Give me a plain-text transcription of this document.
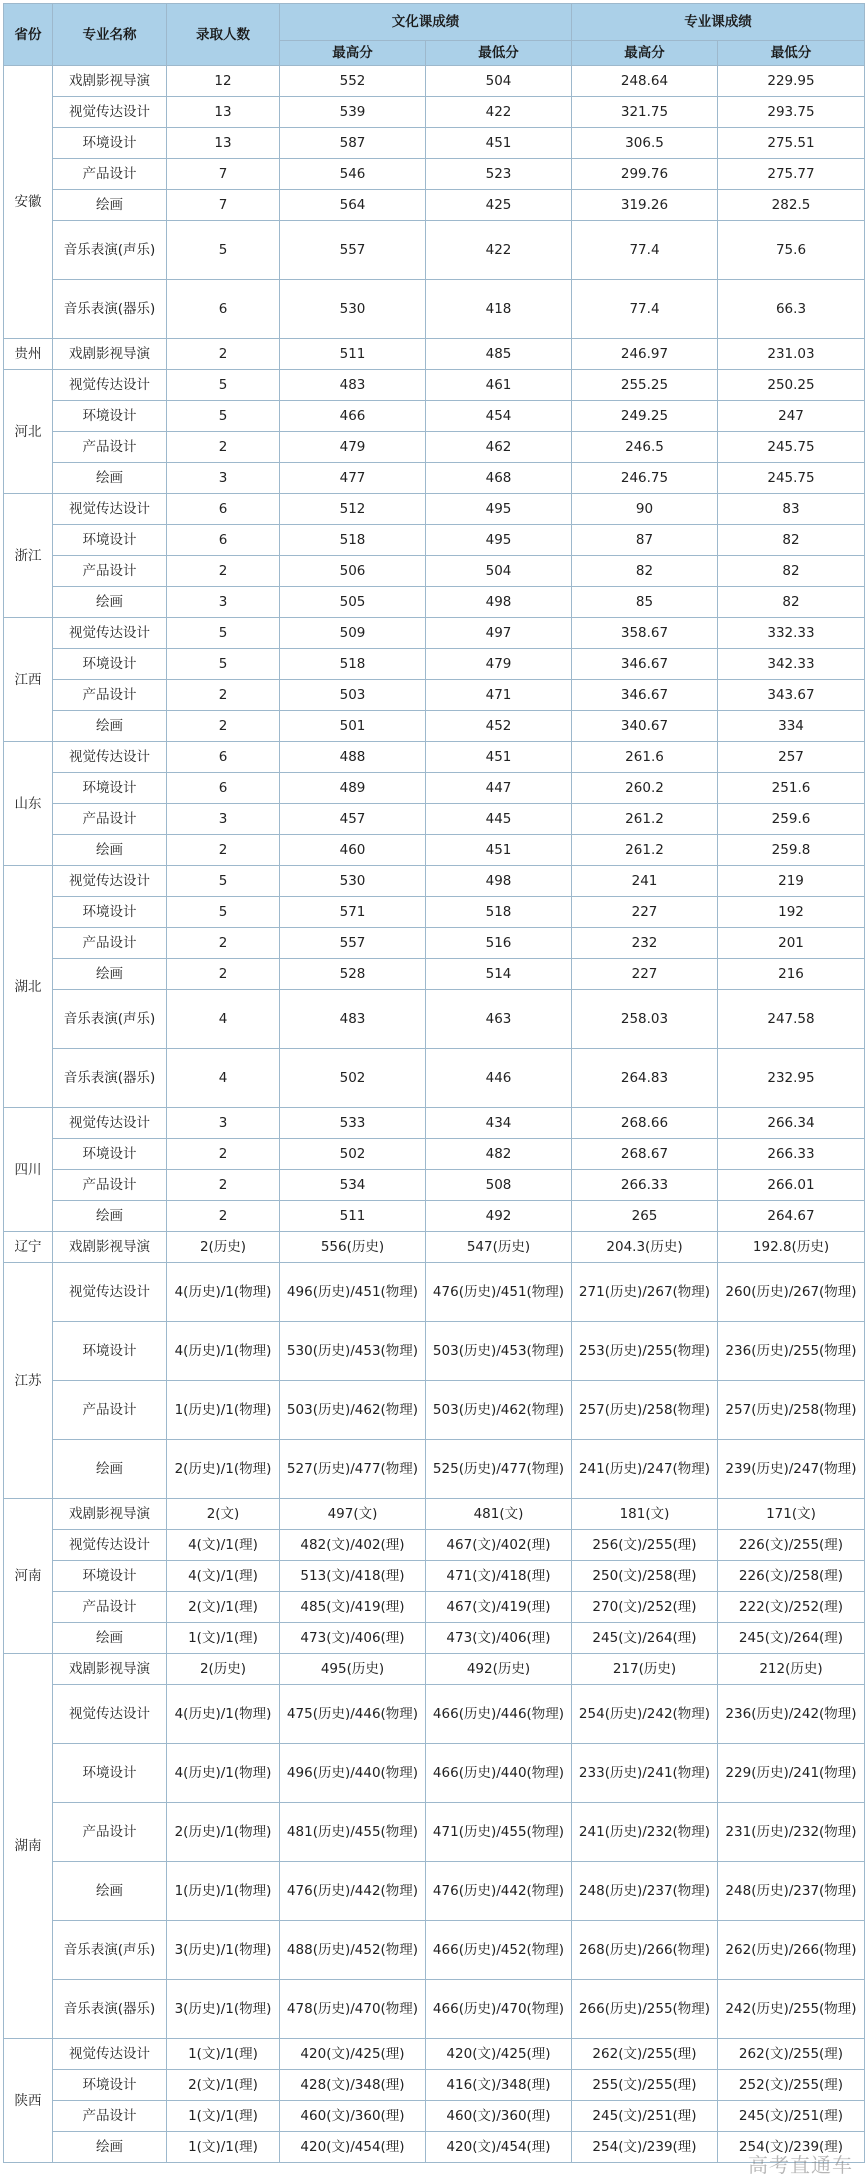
省份	专业名称	录取人数	文化课成绩		专业课成绩	
			最高分	最低分	最高分	最低分
安徽	戏剧影视导演	12	552	504	248.64	229.95
	视觉传达设计	13	539	422	321.75	293.75
	环境设计	13	587	451	306.5	275.51
	产品设计	7	546	523	299.76	275.77
	绘画	7	564	425	319.26	282.5
	音乐表演(声乐)	5	557	422	77.4	75.6
	音乐表演(器乐)	6	530	418	77.4	66.3
贵州	戏剧影视导演	2	511	485	246.97	231.03
河北	视觉传达设计	5	483	461	255.25	250.25
	环境设计	5	466	454	249.25	247
	产品设计	2	479	462	246.5	245.75
	绘画	3	477	468	246.75	245.75
浙江	视觉传达设计	6	512	495	90	83
	环境设计	6	518	495	87	82
	产品设计	2	506	504	82	82
	绘画	3	505	498	85	82
江西	视觉传达设计	5	509	497	358.67	332.33
	环境设计	5	518	479	346.67	342.33
	产品设计	2	503	471	346.67	343.67
	绘画	2	501	452	340.67	334
山东	视觉传达设计	6	488	451	261.6	257
	环境设计	6	489	447	260.2	251.6
	产品设计	3	457	445	261.2	259.6
	绘画	2	460	451	261.2	259.8
湖北	视觉传达设计	5	530	498	241	219
	环境设计	5	571	518	227	192
	产品设计	2	557	516	232	201
	绘画	2	528	514	227	216
	音乐表演(声乐)	4	483	463	258.03	247.58
	音乐表演(器乐)	4	502	446	264.83	232.95
四川	视觉传达设计	3	533	434	268.66	266.34
	环境设计	2	502	482	268.67	266.33
	产品设计	2	534	508	266.33	266.01
	绘画	2	511	492	265	264.67
辽宁	戏剧影视导演	2(历史)	556(历史)	547(历史)	204.3(历史)	192.8(历史)
江苏	视觉传达设计	4(历史)/1(物理)	496(历史)/451(物理)	476(历史)/451(物理)	271(历史)/267(物理)	260(历史)/267(物理)
	环境设计	4(历史)/1(物理)	530(历史)/453(物理)	503(历史)/453(物理)	253(历史)/255(物理)	236(历史)/255(物理)
	产品设计	1(历史)/1(物理)	503(历史)/462(物理)	503(历史)/462(物理)	257(历史)/258(物理)	257(历史)/258(物理)
	绘画	2(历史)/1(物理)	527(历史)/477(物理)	525(历史)/477(物理)	241(历史)/247(物理)	239(历史)/247(物理)
河南	戏剧影视导演	2(文)	497(文)	481(文)	181(文)	171(文)
	视觉传达设计	4(文)/1(理)	482(文)/402(理)	467(文)/402(理)	256(文)/255(理)	226(文)/255(理)
	环境设计	4(文)/1(理)	513(文)/418(理)	471(文)/418(理)	250(文)/258(理)	226(文)/258(理)
	产品设计	2(文)/1(理)	485(文)/419(理)	467(文)/419(理)	270(文)/252(理)	222(文)/252(理)
	绘画	1(文)/1(理)	473(文)/406(理)	473(文)/406(理)	245(文)/264(理)	245(文)/264(理)
湖南	戏剧影视导演	2(历史)	495(历史)	492(历史)	217(历史)	212(历史)
	视觉传达设计	4(历史)/1(物理)	475(历史)/446(物理)	466(历史)/446(物理)	254(历史)/242(物理)	236(历史)/242(物理)
	环境设计	4(历史)/1(物理)	496(历史)/440(物理)	466(历史)/440(物理)	233(历史)/241(物理)	229(历史)/241(物理)
	产品设计	2(历史)/1(物理)	481(历史)/455(物理)	471(历史)/455(物理)	241(历史)/232(物理)	231(历史)/232(物理)
	绘画	1(历史)/1(物理)	476(历史)/442(物理)	476(历史)/442(物理)	248(历史)/237(物理)	248(历史)/237(物理)
	音乐表演(声乐)	3(历史)/1(物理)	488(历史)/452(物理)	466(历史)/452(物理)	268(历史)/266(物理)	262(历史)/266(物理)
	音乐表演(器乐)	3(历史)/1(物理)	478(历史)/470(物理)	466(历史)/470(物理)	266(历史)/255(物理)	242(历史)/255(物理)
陕西	视觉传达设计	1(文)/1(理)	420(文)/425(理)	420(文)/425(理)	262(文)/255(理)	262(文)/255(理)
	环境设计	2(文)/1(理)	428(文)/348(理)	416(文)/348(理)	255(文)/255(理)	252(文)/255(理)
	产品设计	1(文)/1(理)	460(文)/360(理)	460(文)/360(理)	245(文)/251(理)	245(文)/251(理)
	绘画	1(文)/1(理)	420(文)/454(理)	420(文)/454(理)	254(文)/239(理)	254(文)/239(理)
高考直通车
